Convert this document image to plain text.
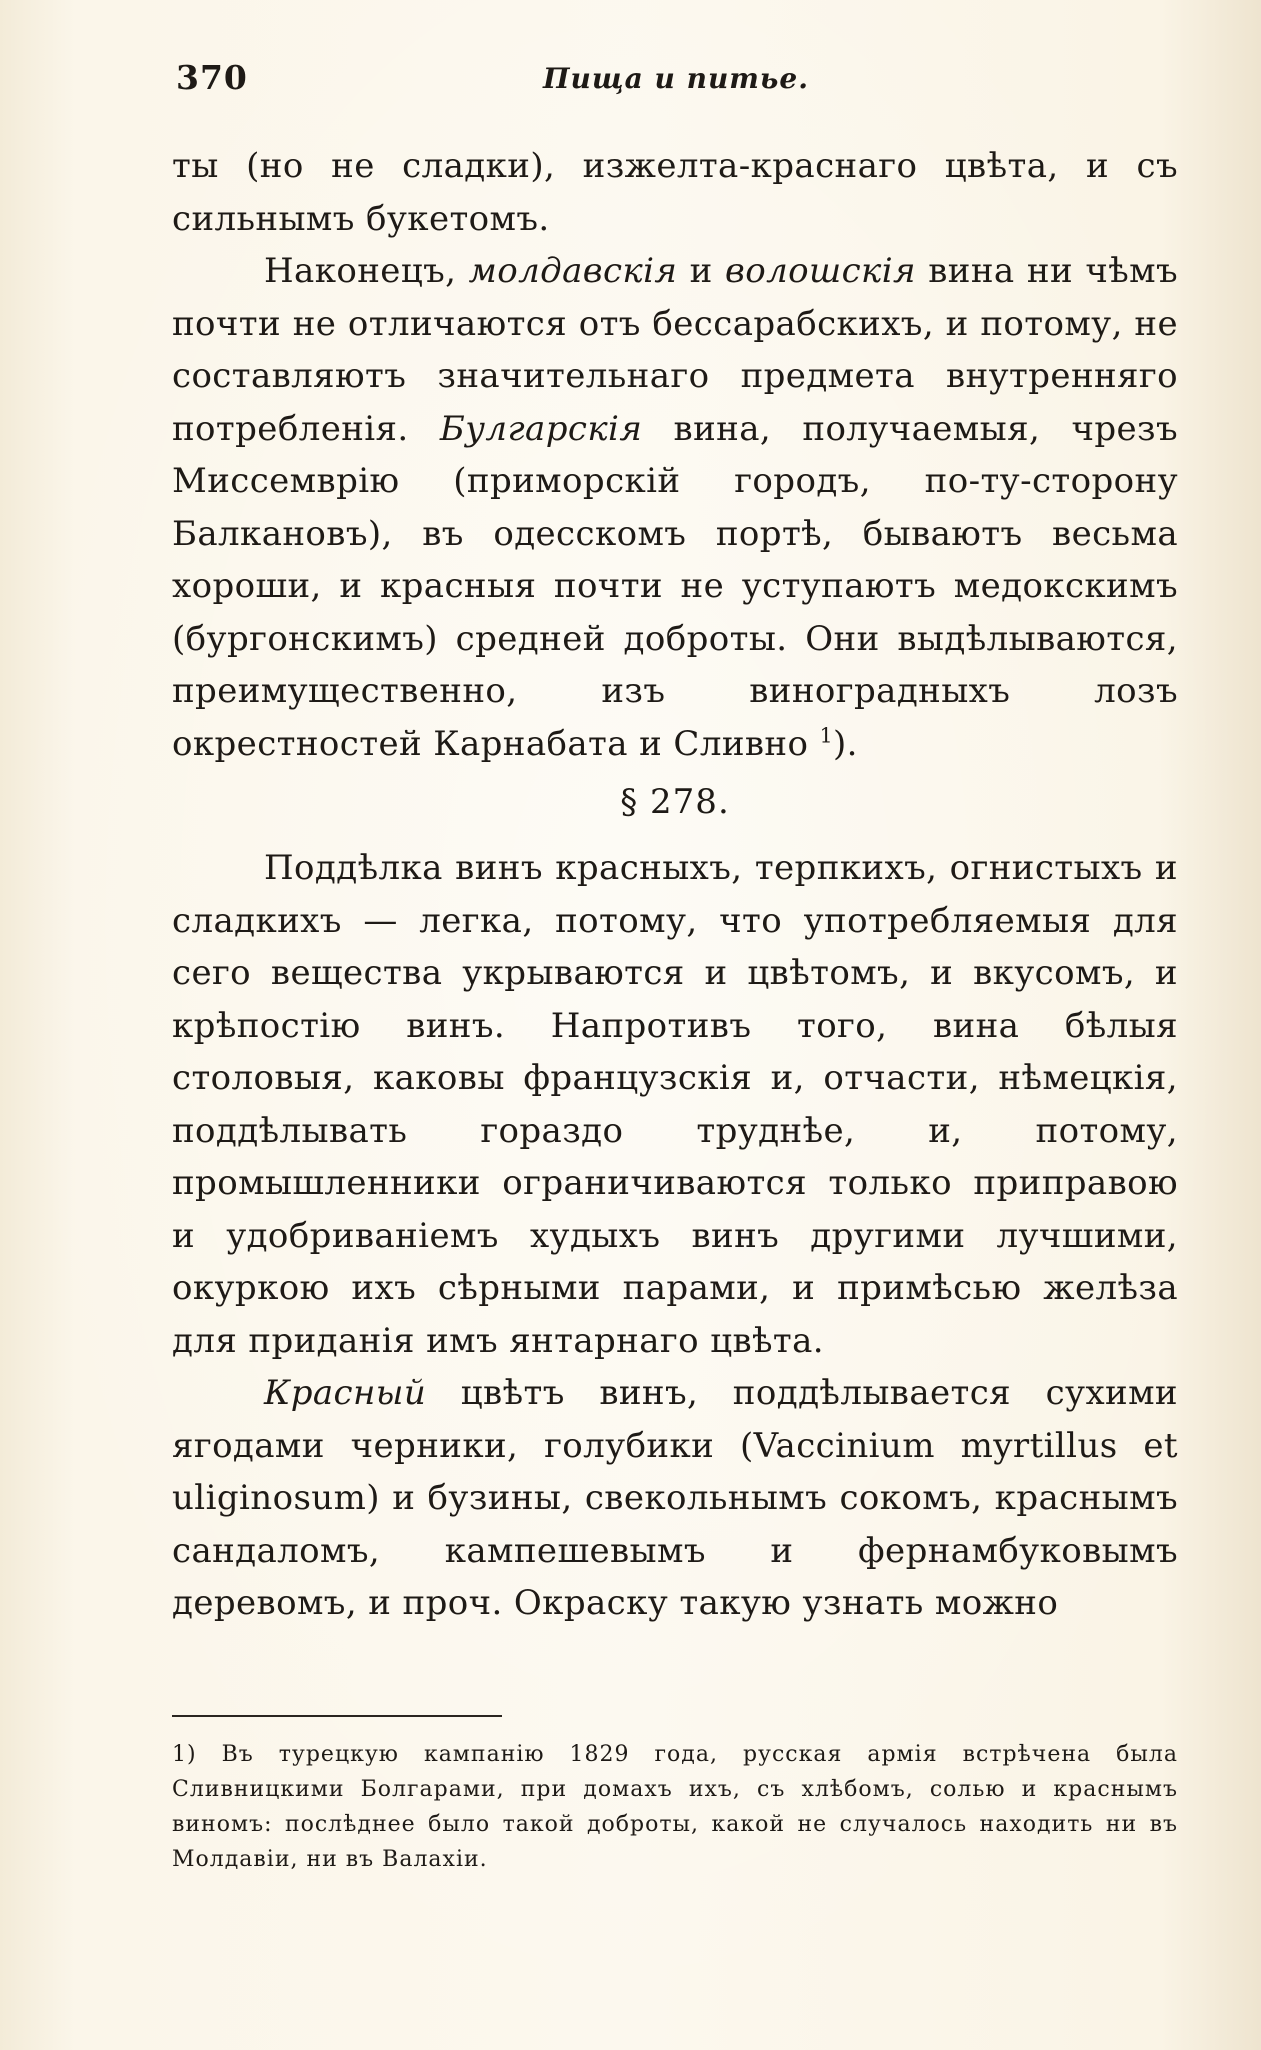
370	Пища и питье.

ты (но не сладки), изжелта-краснаго цвѣта, и съ сильнымъ букетомъ.

Наконецъ, молдавскія и волошскія вина ни чѣмъ почти не отличаются отъ бессарабскихъ, и потому, не составляютъ значительнаго предмета внутренняго потребленія. Булгарскія вина, получаемыя, чрезъ Миссемврію (приморскій городъ, по-ту-сторону Балкановъ), въ одесскомъ портѣ, бываютъ весьма хороши, и красныя почти не уступаютъ медокскимъ (бургонскимъ) средней доброты. Они выдѣлываются, преимущественно, изъ виноградныхъ лозъ окрестностей Карнабата и Сливно $^1$).

§ 278.

Поддѣлка винъ красныхъ, терпкихъ, огнистыхъ и сладкихъ — легка, потому, что употребляемыя для сего вещества укрываются и цвѣтомъ, и вкусомъ, и крѣпостію винъ. Напротивъ того, вина бѣлыя столовыя, каковы французскія и, отчасти, нѣмецкія, поддѣлывать гораздо труднѣе, и, потому, промышленники ограничиваются только приправою и удобриваніемъ худыхъ винъ другими лучшими, окуркою ихъ сѣрными парами, и примѣсью желѣза для приданія имъ янтарнаго цвѣта.

Красный цвѣтъ винъ, поддѣлывается сухими ягодами черники, голубики (Vaccinium myrtillus et uliginosum) и бузины, свекольнымъ сокомъ, краснымъ сандаломъ, кампешевымъ и фернамбуковымъ деревомъ, и проч. Окраску такую узнать можно

1) Въ турецкую кампанію 1829 года, русская армія встрѣчена была Сливницкими Болгарами, при домахъ ихъ, съ хлѣбомъ, солью и краснымъ виномъ: послѣднее было такой доброты, какой не случалось находить ни въ Молдавіи, ни въ Валахіи.
